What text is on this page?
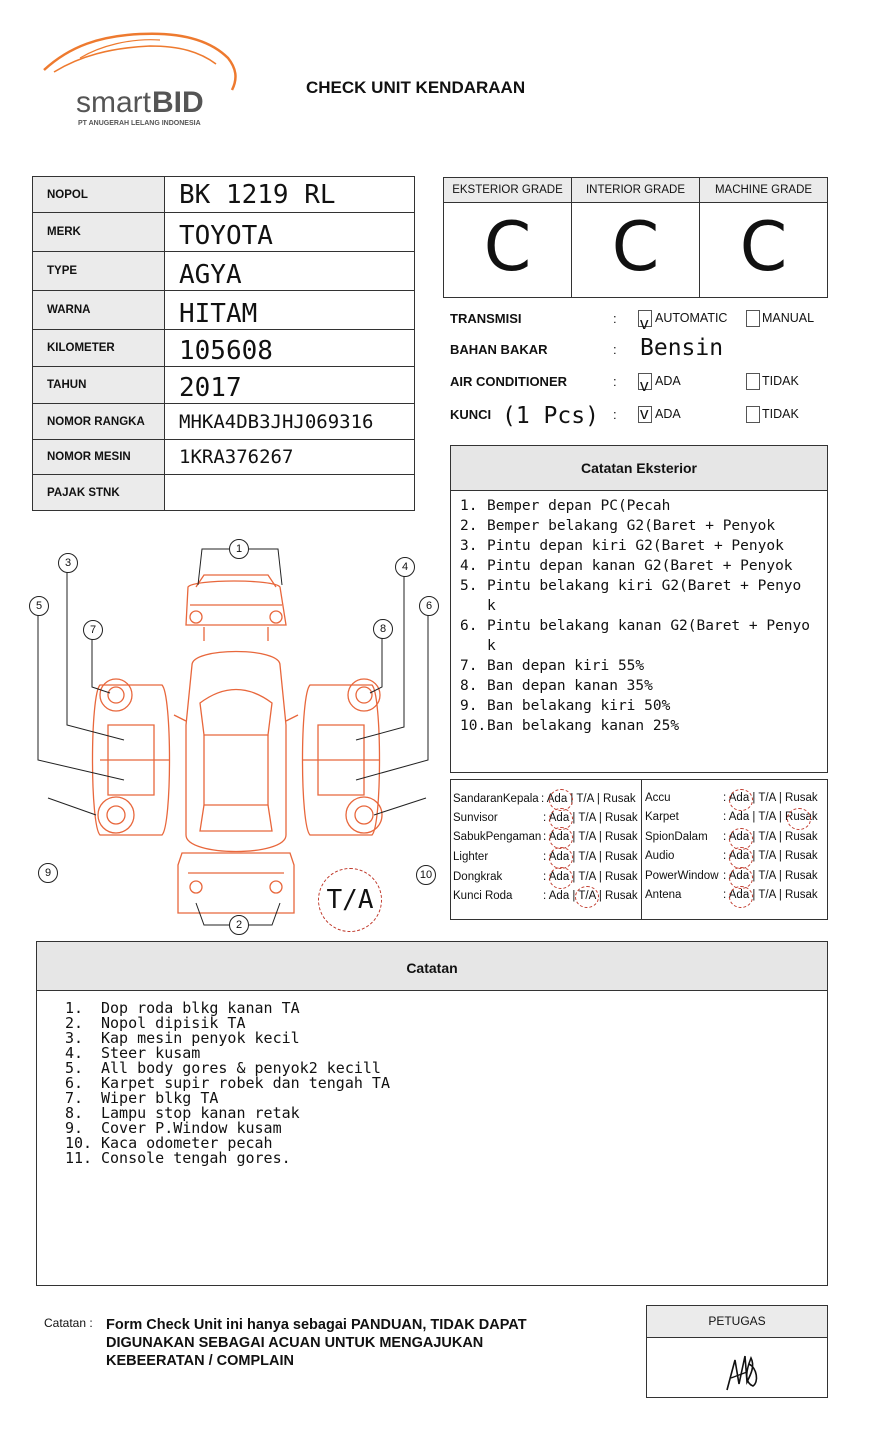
smart BID
PT ANUGERAH LELANG INDONESIA
CHECK UNIT KENDARAAN
NOPOL	BK 1219 RL
MERK	TOYOTA
TYPE	AGYA
WARNA	HITAM
KILOMETER	105608
TAHUN	2017
NOMOR RANGKA	MHKA4DB3JHJ069316
NOMOR MESIN	1KRA376267
PAJAK STNK	
EKSTERIOR GRADE
C
INTERIOR GRADE
C
MACHINE GRADE
C
TRANSMISI	: v AUTOMATIC	MANUAL
BAHAN BAKAR	: Bensin
AIR CONDITIONER	: v ADA	TIDAK
KUNCI (1 Pcs) : v ADA	TIDAK
Catatan Eksterior
1. Bemper depan PC(Pecah
2. Bemper belakang G2(Baret + Penyok
3. Pintu depan kiri G2(Baret + Penyok
4. Pintu depan kanan G2(Baret + Penyok
5. Pintu belakang kiri G2(Baret + Penyok
6. Pintu belakang kanan G2(Baret + Penyok
7. Ban depan kiri 55%
8. Ban depan kanan 35%
9. Ban belakang kiri 50%
10. Ban belakang kanan 25%
SandaranKepala : Ada | T/A | Rusak
Sunvisor	: Ada | T/A | Rusak
SabukPengaman : Ada | T/A | Rusak
Lighter	: Ada | T/A | Rusak
Dongkrak	: Ada | T/A | Rusak
Kunci Roda	: Ada | T/A | Rusak
Accu	: Ada | T/A | Rusak
Karpet	: Ada | T/A | Rusak
SpionDalam : Ada | T/A | Rusak
Audio	: Ada | T/A | Rusak
PowerWindow : Ada | T/A | Rusak
Antena	: Ada | T/A | Rusak
1
2
3	4
5	6
7	8
9	10
T/A
Catatan
1.	Dop roda blkg kanan TA
2.	Nopol dipisik TA
3.	Kap mesin penyok kecil
4.	Steer kusam
5.	All body gores & penyok2 kecill
6.	Karpet supir robek dan tengah TA
7.	Wiper blkg TA
8.	Lampu stop kanan retak
9.	Cover P.Window kusam
10. Kaca odometer pecah
11. Console tengah gores.
Catatan : Form Check Unit ini hanya sebagai PANDUAN, TIDAK DAPAT DIGUNAKAN SEBAGAI ACUAN UNTUK MENGAJUKAN KEBEERATAN / COMPLAIN
PETUGAS
